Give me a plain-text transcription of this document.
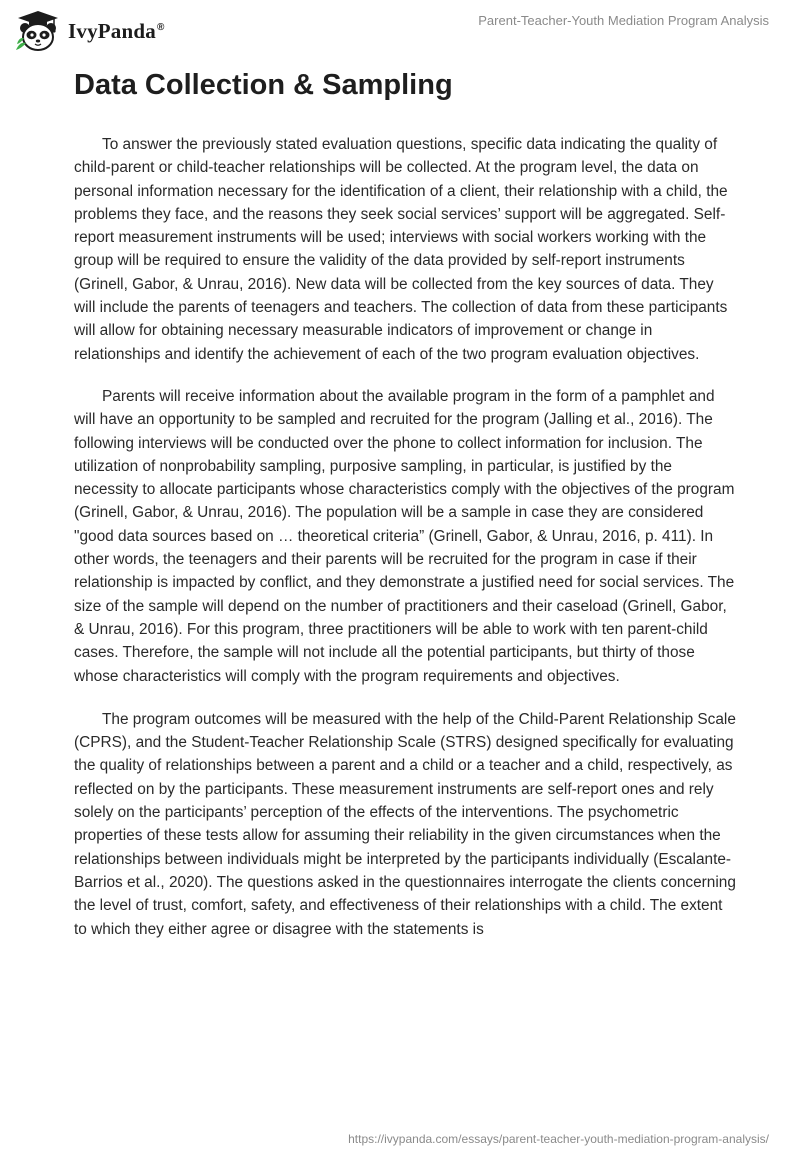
IvyPanda®	Parent-Teacher-Youth Mediation Program Analysis
Data Collection & Sampling

To answer the previously stated evaluation questions, specific data indicating the quality of child-parent or child-teacher relationships will be collected. At the program level, the data on personal information necessary for the identification of a client, their relationship with a child, the problems they face, and the reasons they seek social services’ support will be aggregated. Self-report measurement instruments will be used; interviews with social workers working with the group will be required to ensure the validity of the data provided by self-report instruments (Grinell, Gabor, & Unrau, 2016). New data will be collected from the key sources of data. They will include the parents of teenagers and teachers. The collection of data from these participants will allow for obtaining necessary measurable indicators of improvement or change in relationships and identify the achievement of each of the two program evaluation objectives.

Parents will receive information about the available program in the form of a pamphlet and will have an opportunity to be sampled and recruited for the program (Jalling et al., 2016). The following interviews will be conducted over the phone to collect information for inclusion. The utilization of nonprobability sampling, purposive sampling, in particular, is justified by the necessity to allocate participants whose characteristics comply with the objectives of the program (Grinell, Gabor, & Unrau, 2016). The population will be a sample in case they are considered "good data sources based on … theoretical criteria” (Grinell, Gabor, & Unrau, 2016, p. 411). In other words, the teenagers and their parents will be recruited for the program in case if their relationship is impacted by conflict, and they demonstrate a justified need for social services. The size of the sample will depend on the number of practitioners and their caseload (Grinell, Gabor, & Unrau, 2016). For this program, three practitioners will be able to work with ten parent-child cases. Therefore, the sample will not include all the potential participants, but thirty of those whose characteristics will comply with the program requirements and objectives.

The program outcomes will be measured with the help of the Child-Parent Relationship Scale (CPRS), and the Student-Teacher Relationship Scale (STRS) designed specifically for evaluating the quality of relationships between a parent and a child or a teacher and a child, respectively, as reflected on by the participants. These measurement instruments are self-report ones and rely solely on the participants’ perception of the effects of the interventions. The psychometric properties of these tests allow for assuming their reliability in the given circumstances when the relationships between individuals might be interpreted by the participants individually (Escalante-Barrios et al., 2020). The questions asked in the questionnaires interrogate the clients concerning the level of trust, comfort, safety, and effectiveness of their relationships with a child. The extent to which they either agree or disagree with the statements is

https://ivypanda.com/essays/parent-teacher-youth-mediation-program-analysis/
